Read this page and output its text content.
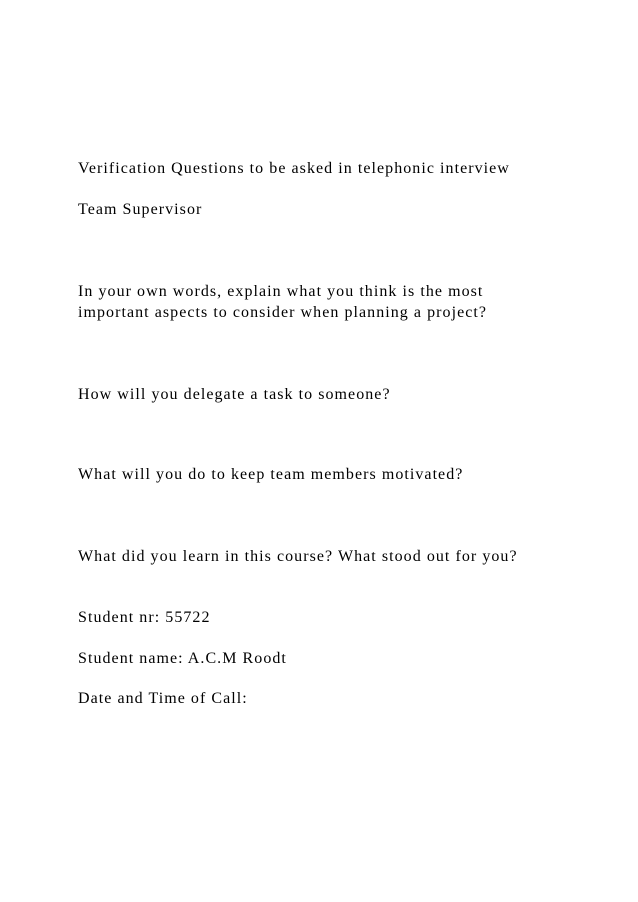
Verification Questions to be asked in telephonic interview

Team Supervisor

In your own words, explain what you think is the most

important aspects to consider when planning a project?

How will you delegate a task to someone?

What will you do to keep team members motivated?

What did you learn in this course? What stood out for you?

Student nr: 55722

Student name: A.C.M Roodt

Date and Time of Call:
